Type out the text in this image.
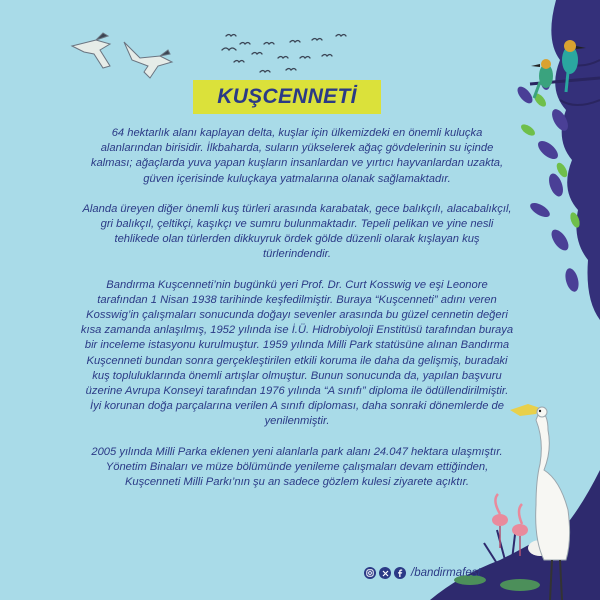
KUŞCENNETİ

64 hektarlık alanı kaplayan delta, kuşlar için ülkemizdeki en önemli kuluçka alanlarından birisidir. İlkbaharda, suların yükselerek ağaç gövdelerinin su içinde kalması; ağaçlarda yuva yapan kuşların insanlardan ve yırtıcı hayvanlardan uzakta, güven içerisinde kuluçkaya yatmalarına olanak sağlamaktadır.

Alanda üreyen diğer önemli kuş türleri arasında karabatak, gece balıkçılı, alacabalıkçıl, gri balıkçıl, çeltikçi, kaşıkçı ve sumru bulunmaktadır. Tepeli pelikan ve yine nesli tehlikede olan türlerden dikkuyruk ördek gölde düzenli olarak kışlayan kuş türlerindendir.

Bandırma Kuşcenneti’nin bugünkü yeri Prof. Dr. Curt Kosswig ve eşi Leonore tarafından 1 Nisan 1938 tarihinde keşfedilmiştir. Buraya “Kuşcenneti” adını veren Kosswig’in çalışmaları sonucunda doğayı sevenler arasında bu güzel cennetin değeri kısa zamanda anlaşılmış, 1952 yılında ise İ.Ü. Hidrobiyoloji Enstitüsü tarafından buraya bir inceleme istasyonu kurulmuştur. 1959 yılında Milli Park statüsüne alınan Bandırma Kuşcenneti bundan sonra gerçekleştirilen etkili koruma ile daha da gelişmiş, buradaki kuş topluluklarında önemli artışlar olmuştur. Bunun sonucunda da, yapılan başvuru üzerine Avrupa Konseyi tarafından 1976 yılında “A sınıfı” diploma ile ödüllendirilmiştir. İyi korunan doğa parçalarına verilen A sınıfı diploması, daha sonraki dönemlerde de yenilenmiştir.

2005 yılında Milli Parka eklenen yeni alanlarla park alanı 24.047 hektara ulaşmıştır. Yönetim Binaları ve müze bölümünde yenileme çalışmaları devam ettiğinden, Kuşcenneti Milli Parkı’nın şu an sadece gözlem kulesi ziyarete açıktır.

/bandirmafest
